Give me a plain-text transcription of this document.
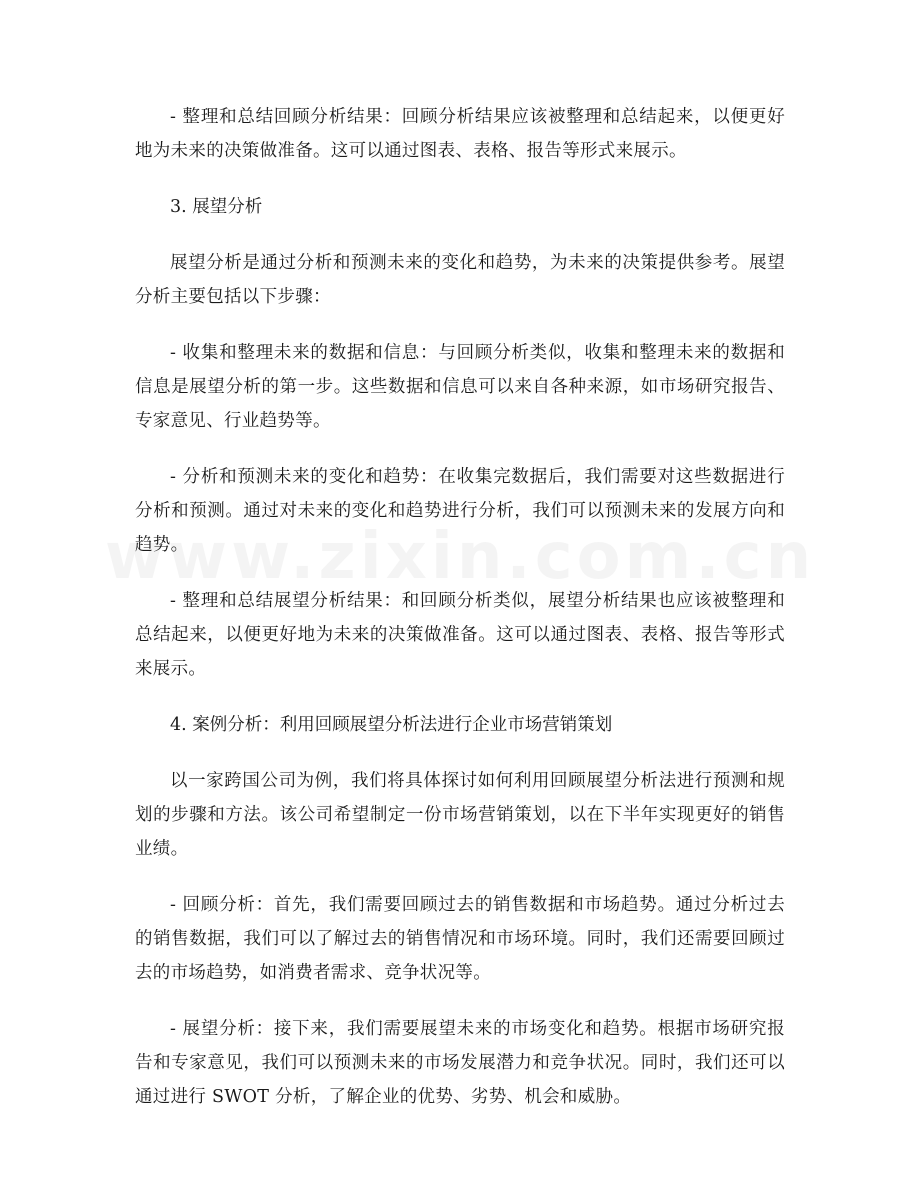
- 整理和总结回顾分析结果：回顾分析结果应该被整理和总结起来，以便更好地为未来的决策做准备。这可以通过图表、表格、报告等形式来展示。

3. 展望分析

展望分析是通过分析和预测未来的变化和趋势，为未来的决策提供参考。展望分析主要包括以下步骤：

- 收集和整理未来的数据和信息：与回顾分析类似，收集和整理未来的数据和信息是展望分析的第一步。这些数据和信息可以来自各种来源，如市场研究报告、专家意见、行业趋势等。

- 分析和预测未来的变化和趋势：在收集完数据后，我们需要对这些数据进行分析和预测。通过对未来的变化和趋势进行分析，我们可以预测未来的发展方向和趋势。

- 整理和总结展望分析结果：和回顾分析类似，展望分析结果也应该被整理和总结起来，以便更好地为未来的决策做准备。这可以通过图表、表格、报告等形式来展示。

4. 案例分析：利用回顾展望分析法进行企业市场营销策划

以一家跨国公司为例，我们将具体探讨如何利用回顾展望分析法进行预测和规划的步骤和方法。该公司希望制定一份市场营销策划，以在下半年实现更好的销售业绩。

- 回顾分析：首先，我们需要回顾过去的销售数据和市场趋势。通过分析过去的销售数据，我们可以了解过去的销售情况和市场环境。同时，我们还需要回顾过去的市场趋势，如消费者需求、竞争状况等。

- 展望分析：接下来，我们需要展望未来的市场变化和趋势。根据市场研究报告和专家意见，我们可以预测未来的市场发展潜力和竞争状况。同时，我们还可以通过进行 SWOT 分析，了解企业的优势、劣势、机会和威胁。
